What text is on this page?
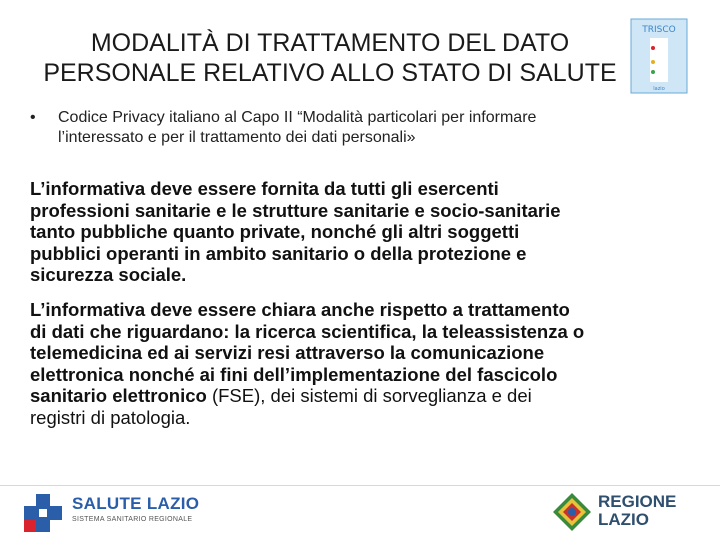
MODALITÀ DI TRATTAMENTO DEL DATO
PERSONALE RELATIVO ALLO STATO DI SALUTE
TRISCO
lazio
• Codice Privacy italiano al Capo II “Modalità particolari per informare
l’interessato e per il trattamento dei dati personali»
L’informativa deve essere fornita da tutti gli esercenti
professioni sanitarie e le strutture sanitarie e socio-sanitarie
tanto pubbliche quanto private, nonché gli altri soggetti
pubblici operanti in ambito sanitario o della protezione e
sicurezza sociale.
L’informativa deve essere chiara anche rispetto a trattamento
di dati che riguardano: la ricerca scientifica, la teleassistenza o
telemedicina ed ai servizi resi attraverso la comunicazione
elettronica nonché ai fini dell’implementazione del fascicolo
sanitario elettronico (FSE), dei sistemi di sorveglianza e dei
registri di patologia.
SALUTE LAZIO
SISTEMA SANITARIO REGIONALE
REGIONE
LAZIO
